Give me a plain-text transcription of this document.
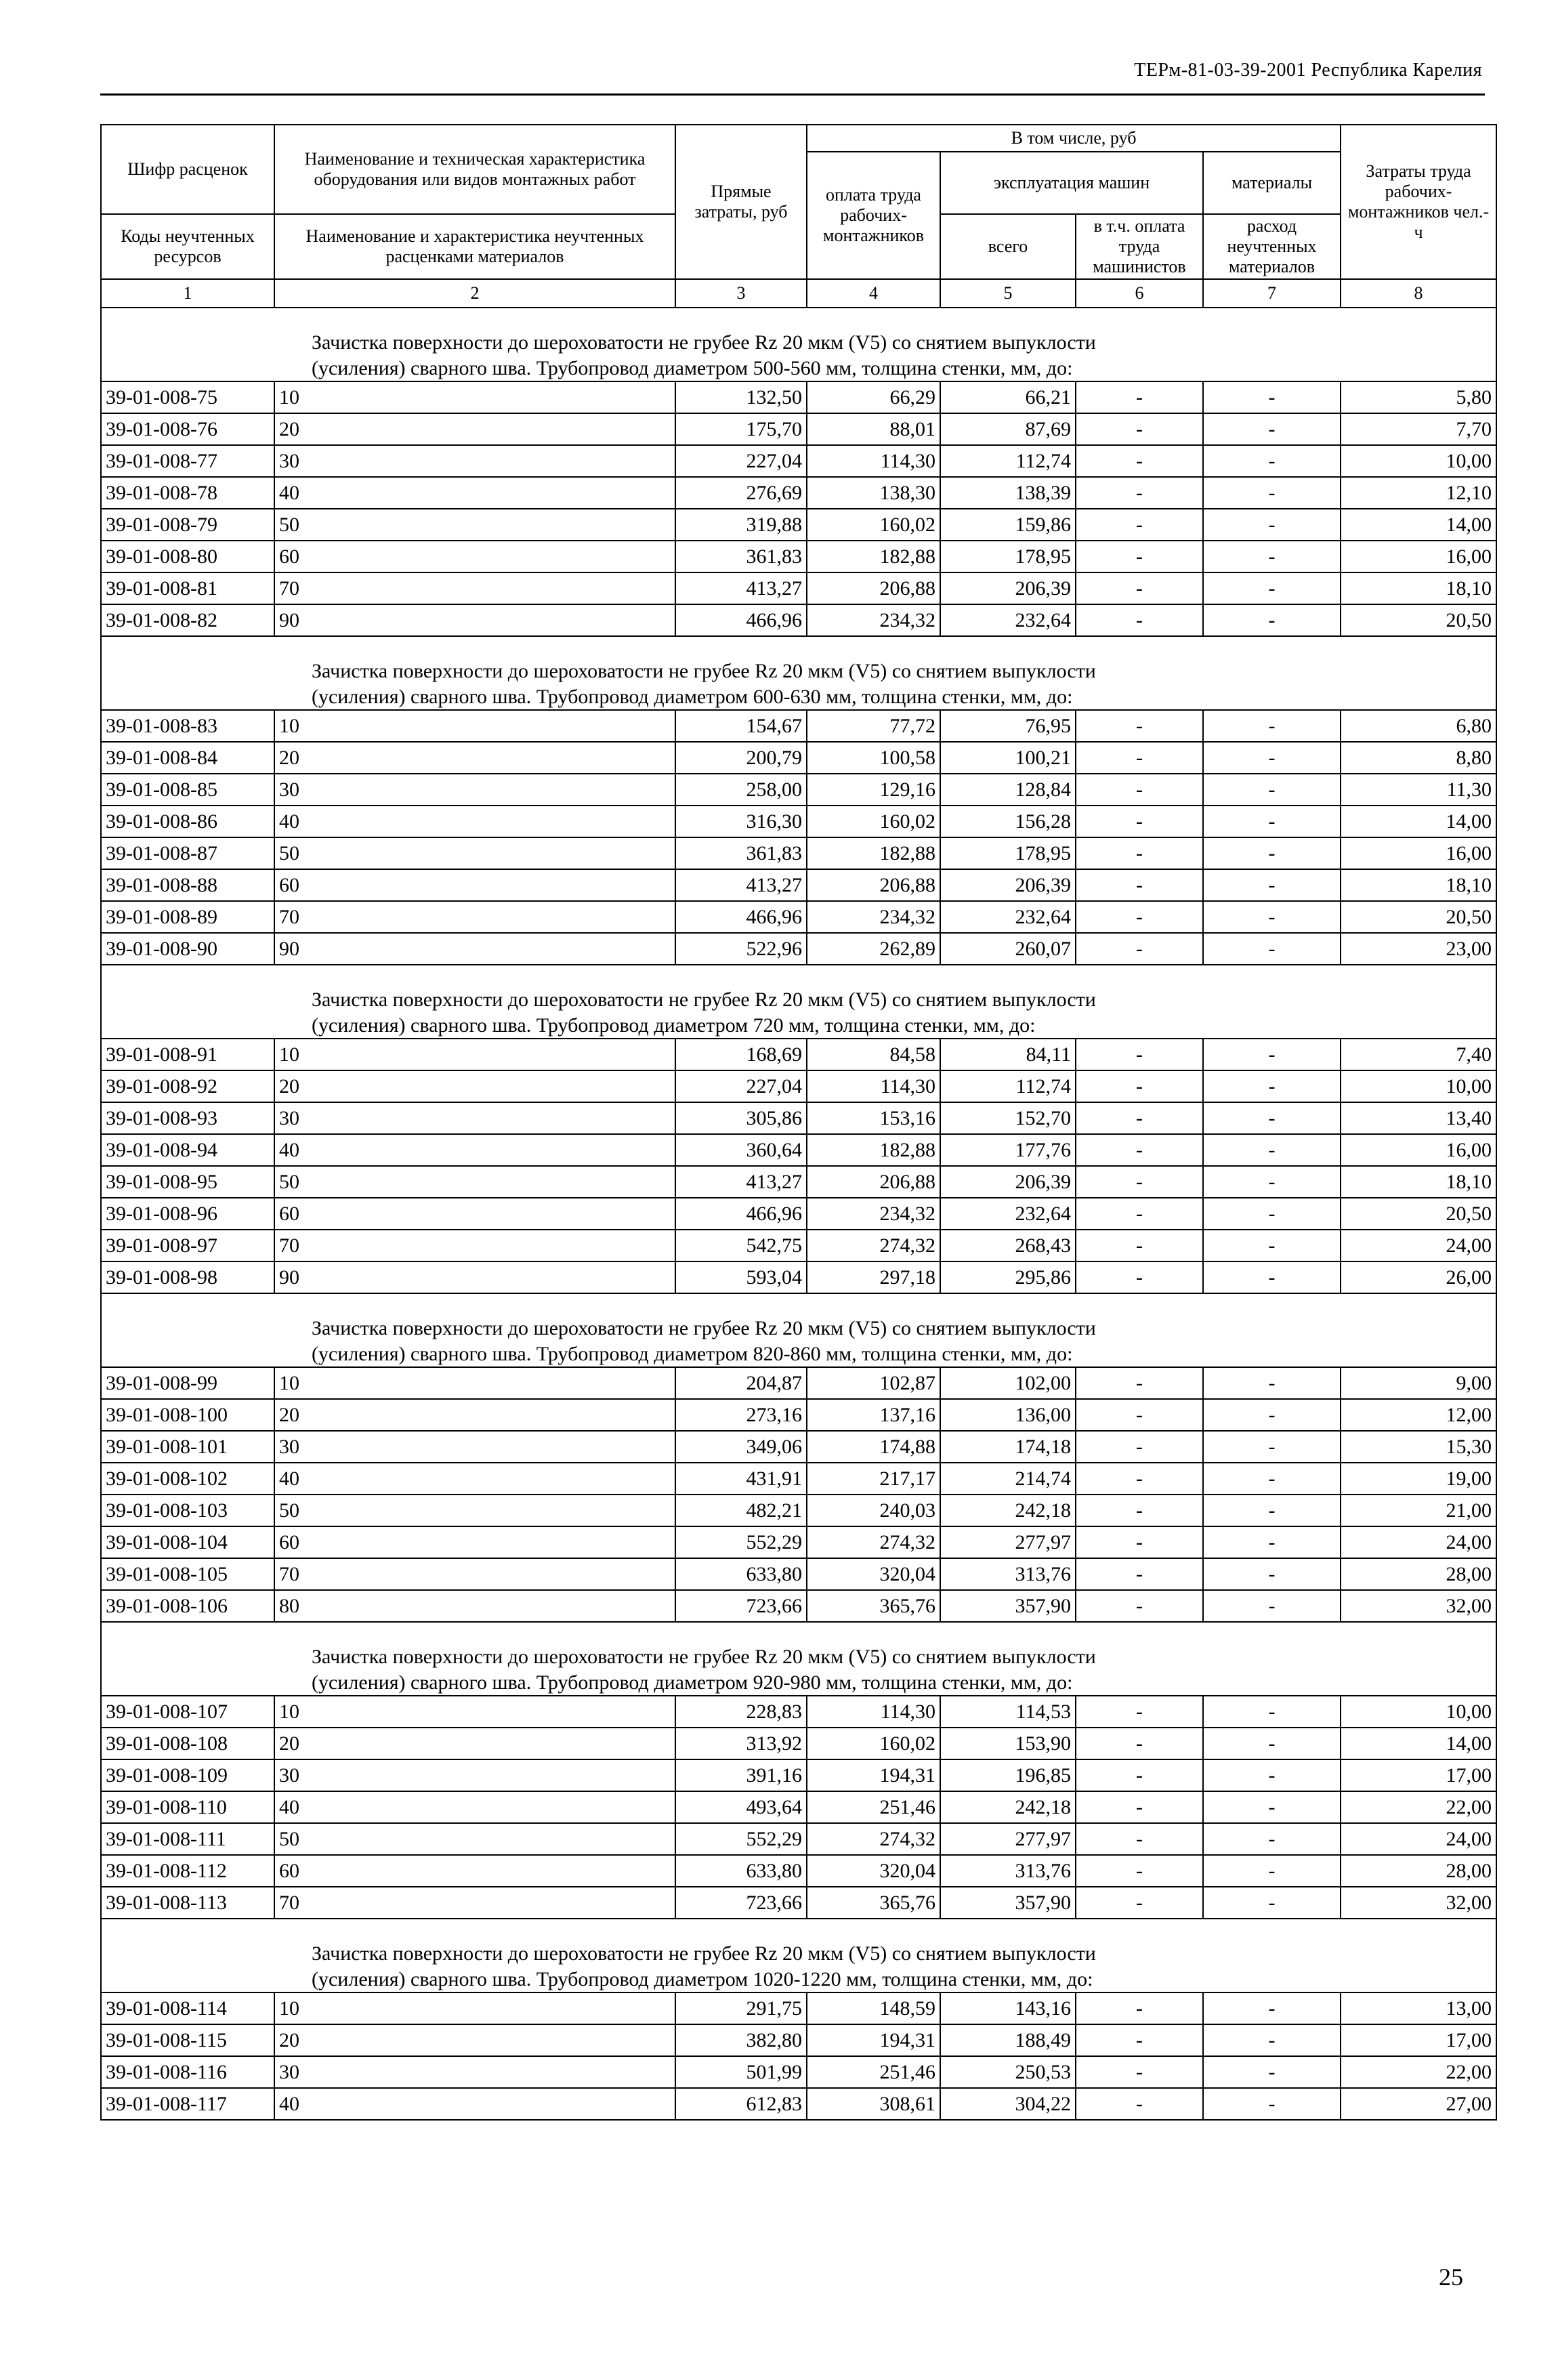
ТЕРм-81-03-39-2001 Республика Карелия
Шифр расценок	Наименование и техническая характеристика оборудования или видов монтажных работ	Прямые затраты, руб	В том числе, руб				Затраты труда рабочих-монтажников чел.-ч
			оплата труда рабочих-монтажников	эксплуатация машин		материалы	
Коды неучтенных ресурсов	Наименование и характеристика неучтенных расценками материалов			всего	в т.ч. оплата труда машинистов	расход неучтенных материалов	

1	2	3	4	5	6	7	8

Зачистка поверхности до шероховатости не грубее Rz 20 мкм (V5) со снятием выпуклости
(усиления) сварного шва. Трубопровод диаметром 500-560 мм, толщина стенки, мм, до:							

39-01-008-75	10	132,50	66,29	66,21	-	-	5,80
39-01-008-76	20	175,70	88,01	87,69	-	-	7,70
39-01-008-77	30	227,04	114,30	112,74	-	-	10,00
39-01-008-78	40	276,69	138,30	138,39	-	-	12,10
39-01-008-79	50	319,88	160,02	159,86	-	-	14,00
39-01-008-80	60	361,83	182,88	178,95	-	-	16,00
39-01-008-81	70	413,27	206,88	206,39	-	-	18,10
39-01-008-82	90	466,96	234,32	232,64	-	-	20,50

Зачистка поверхности до шероховатости не грубее Rz 20 мкм (V5) со снятием выпуклости
(усиления) сварного шва. Трубопровод диаметром 600-630 мм, толщина стенки, мм, до:							

39-01-008-83	10	154,67	77,72	76,95	-	-	6,80
39-01-008-84	20	200,79	100,58	100,21	-	-	8,80
39-01-008-85	30	258,00	129,16	128,84	-	-	11,30
39-01-008-86	40	316,30	160,02	156,28	-	-	14,00
39-01-008-87	50	361,83	182,88	178,95	-	-	16,00
39-01-008-88	60	413,27	206,88	206,39	-	-	18,10
39-01-008-89	70	466,96	234,32	232,64	-	-	20,50
39-01-008-90	90	522,96	262,89	260,07	-	-	23,00

Зачистка поверхности до шероховатости не грубее Rz 20 мкм (V5) со снятием выпуклости
(усиления) сварного шва. Трубопровод диаметром 720 мм, толщина стенки, мм, до:							

39-01-008-91	10	168,69	84,58	84,11	-	-	7,40
39-01-008-92	20	227,04	114,30	112,74	-	-	10,00
39-01-008-93	30	305,86	153,16	152,70	-	-	13,40
39-01-008-94	40	360,64	182,88	177,76	-	-	16,00
39-01-008-95	50	413,27	206,88	206,39	-	-	18,10
39-01-008-96	60	466,96	234,32	232,64	-	-	20,50
39-01-008-97	70	542,75	274,32	268,43	-	-	24,00
39-01-008-98	90	593,04	297,18	295,86	-	-	26,00

Зачистка поверхности до шероховатости не грубее Rz 20 мкм (V5) со снятием выпуклости
(усиления) сварного шва. Трубопровод диаметром 820-860 мм, толщина стенки, мм, до:							

39-01-008-99	10	204,87	102,87	102,00	-	-	9,00
39-01-008-100	20	273,16	137,16	136,00	-	-	12,00
39-01-008-101	30	349,06	174,88	174,18	-	-	15,30
39-01-008-102	40	431,91	217,17	214,74	-	-	19,00
39-01-008-103	50	482,21	240,03	242,18	-	-	21,00
39-01-008-104	60	552,29	274,32	277,97	-	-	24,00
39-01-008-105	70	633,80	320,04	313,76	-	-	28,00
39-01-008-106	80	723,66	365,76	357,90	-	-	32,00

Зачистка поверхности до шероховатости не грубее Rz 20 мкм (V5) со снятием выпуклости
(усиления) сварного шва. Трубопровод диаметром 920-980 мм, толщина стенки, мм, до:							

39-01-008-107	10	228,83	114,30	114,53	-	-	10,00
39-01-008-108	20	313,92	160,02	153,90	-	-	14,00
39-01-008-109	30	391,16	194,31	196,85	-	-	17,00
39-01-008-110	40	493,64	251,46	242,18	-	-	22,00
39-01-008-111	50	552,29	274,32	277,97	-	-	24,00
39-01-008-112	60	633,80	320,04	313,76	-	-	28,00
39-01-008-113	70	723,66	365,76	357,90	-	-	32,00

Зачистка поверхности до шероховатости не грубее Rz 20 мкм (V5) со снятием выпуклости
(усиления) сварного шва. Трубопровод диаметром 1020-1220 мм, толщина стенки, мм, до:							

39-01-008-114	10	291,75	148,59	143,16	-	-	13,00
39-01-008-115	20	382,80	194,31	188,49	-	-	17,00
39-01-008-116	30	501,99	251,46	250,53	-	-	22,00
39-01-008-117	40	612,83	308,61	304,22	-	-	27,00
25
